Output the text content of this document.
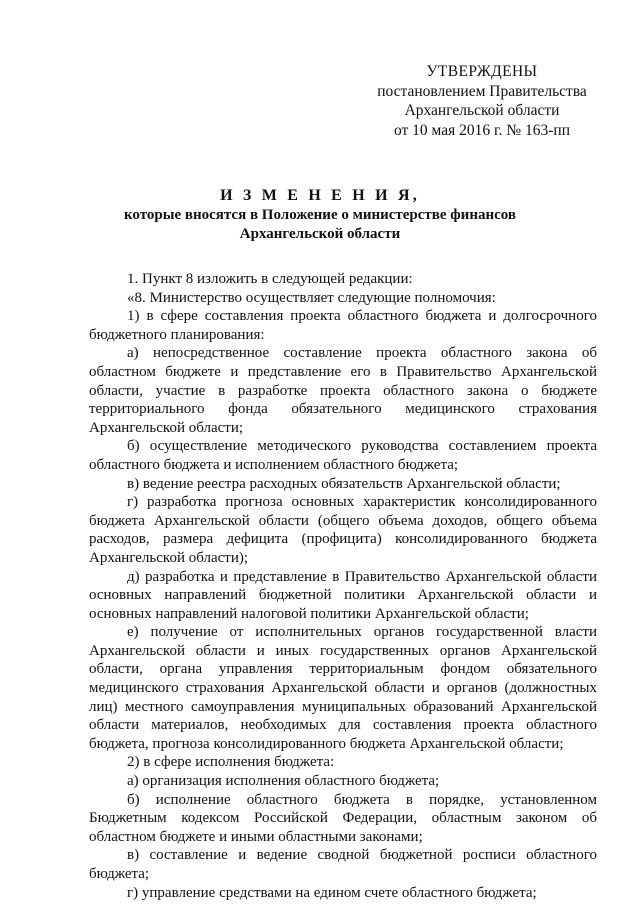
УТВЕРЖДЕНЫ
постановлением Правительства
Архангельской области
от 10 мая 2016 г. № 163-пп
И З М Е Н Е Н И Я,
которые вносятся в Положение о министерстве финансов
Архангельской области

1. Пункт 8 изложить в следующей редакции:

«8. Министерство осуществляет следующие полномочия:

1) в сфере составления проекта областного бюджета и долгосрочного бюджетного планирования:

а) непосредственное составление проекта областного закона об областном бюджете и представление его в Правительство Архангельской области, участие в разработке проекта областного закона о бюджете территориального фонда обязательного медицинского страхования Архангельской области;

б) осуществление методического руководства составлением проекта областного бюджета и исполнением областного бюджета;

в) ведение реестра расходных обязательств Архангельской области;

г) разработка прогноза основных характеристик консолидированного бюджета Архангельской области (общего объема доходов, общего объема расходов, размера дефицита (профицита) консолидированного бюджета Архангельской области);

д) разработка и представление в Правительство Архангельской области основных направлений бюджетной политики Архангельской области и основных направлений налоговой политики Архангельской области;

е) получение от исполнительных органов государственной власти Архангельской области и иных государственных органов Архангельской области, органа управления территориальным фондом обязательного медицинского страхования Архангельской области и органов (должностных лиц) местного самоуправления муниципальных образований Архангельской области материалов, необходимых для составления проекта областного бюджета, прогноза консолидированного бюджета Архангельской области;

2) в сфере исполнения бюджета:

а) организация исполнения областного бюджета;

б) исполнение областного бюджета в порядке, установленном Бюджетным кодексом Российской Федерации, областным законом об областном бюджете и иными областными законами;

в) составление и ведение сводной бюджетной росписи областного бюджета;

г) управление средствами на едином счете областного бюджета;
